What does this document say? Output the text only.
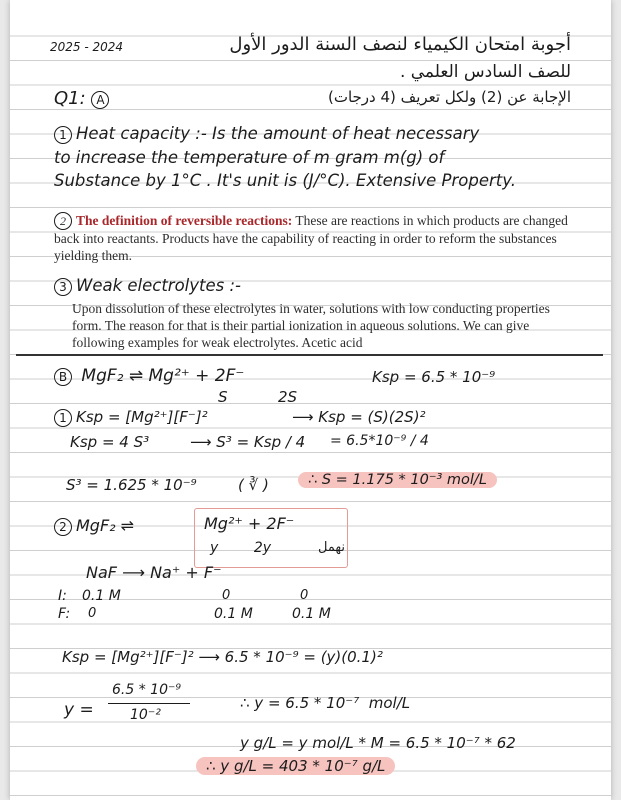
أجوبة امتحان الكيمياء لنصف السنة الدور الأول
2025 - 2024
للصف السادس العلمي .
Q1: A	الإجابة عن (2) ولكل تعريف (4 درجات)
1 Heat capacity :- Is the amount of heat necessary
to increase the temperature of m gram m(g) of
Substance by 1°C . It's unit is (J/°C). Extensive Property.
2 The definition of reversible reactions: These are reactions in which products are changed back into reactants. Products have the capability of reacting in order to reform the substances yielding them.
3 Weak electrolytes :-
Upon dissolution of these electrolytes in water, solutions with low conducting properties form. The reason for that is their partial ionization in aqueous solutions. We can give following examples for weak electrolytes. Acetic acid
B MgF₂ ⇌ Mg²⁺ + 2F⁻
S	2S
Ksp = 6.5 * 10⁻⁹
1 Ksp = [Mg²⁺][F⁻]²	⟶ Ksp = (S)(2S)²
Ksp = 4 S³	⟶ S³ = Ksp / 4 = 6.5*10⁻⁹ / 4
S³ = 1.625 * 10⁻⁹	( ∛ )	∴ S = 1.175 * 10⁻³ mol/L
2 MgF₂ ⇌	Mg²⁺ + 2F⁻
y        2y	نهمل
NaF ⟶ Na⁺ + F⁻
I: 0.1 M	0	0
F: 0	0.1 M	0.1 M
Ksp = [Mg²⁺][F⁻]² ⟶ 6.5 * 10⁻⁹ = (y)(0.1)²
y =
6.5 * 10⁻⁹
10⁻²
∴ y = 6.5 * 10⁻⁷  mol/L
y g/L = y mol/L * M = 6.5 * 10⁻⁷ * 62
∴ y g/L = 403 * 10⁻⁷ g/L
